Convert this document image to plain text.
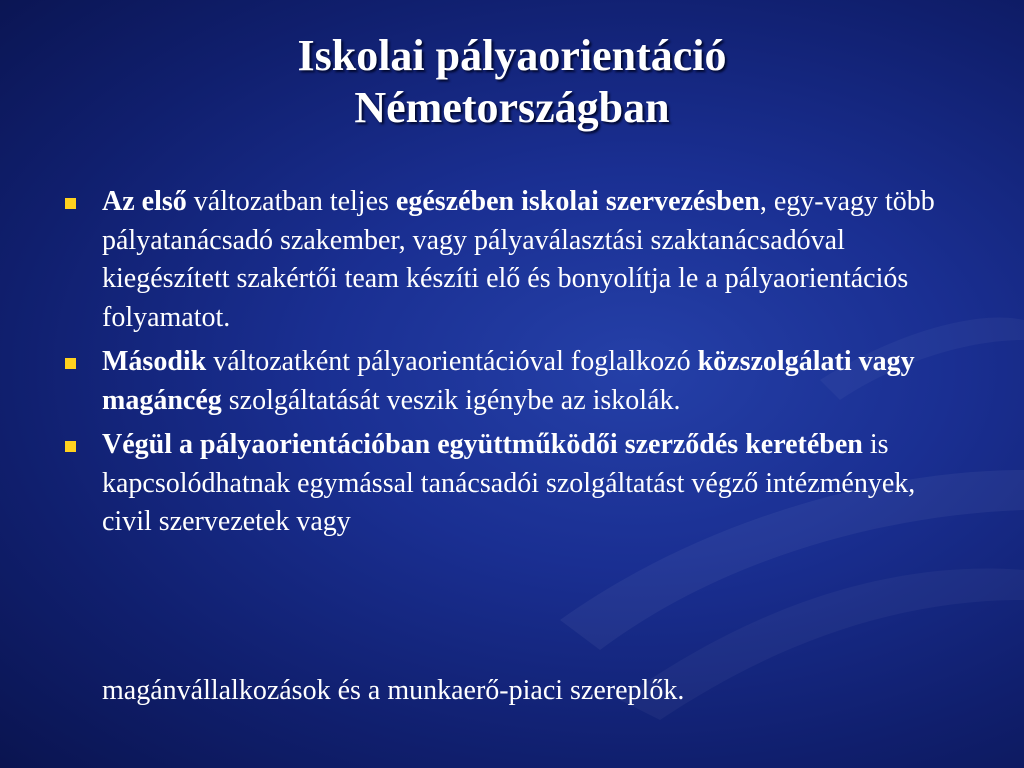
Iskolai pályaorientáció
Németországban
Az első változatban teljes egészében iskolai szervezésben, egy-vagy több pályatanácsadó szakember, vagy pályaválasztási szaktanácsadóval kiegészített szakértői team készíti elő és bonyolítja le a pályaorientációs folyamatot.
Második változatként pályaorientációval foglalkozó közszolgálati vagy magáncég szolgáltatását veszik igénybe az iskolák.
Végül a pályaorientációban együttműködői szerződés keretében is kapcsolódhatnak egymással tanácsadói szolgáltatást végző intézmények, civil szervezetek vagy
magánvállalkozások és a munkaerő-piaci szereplők.
